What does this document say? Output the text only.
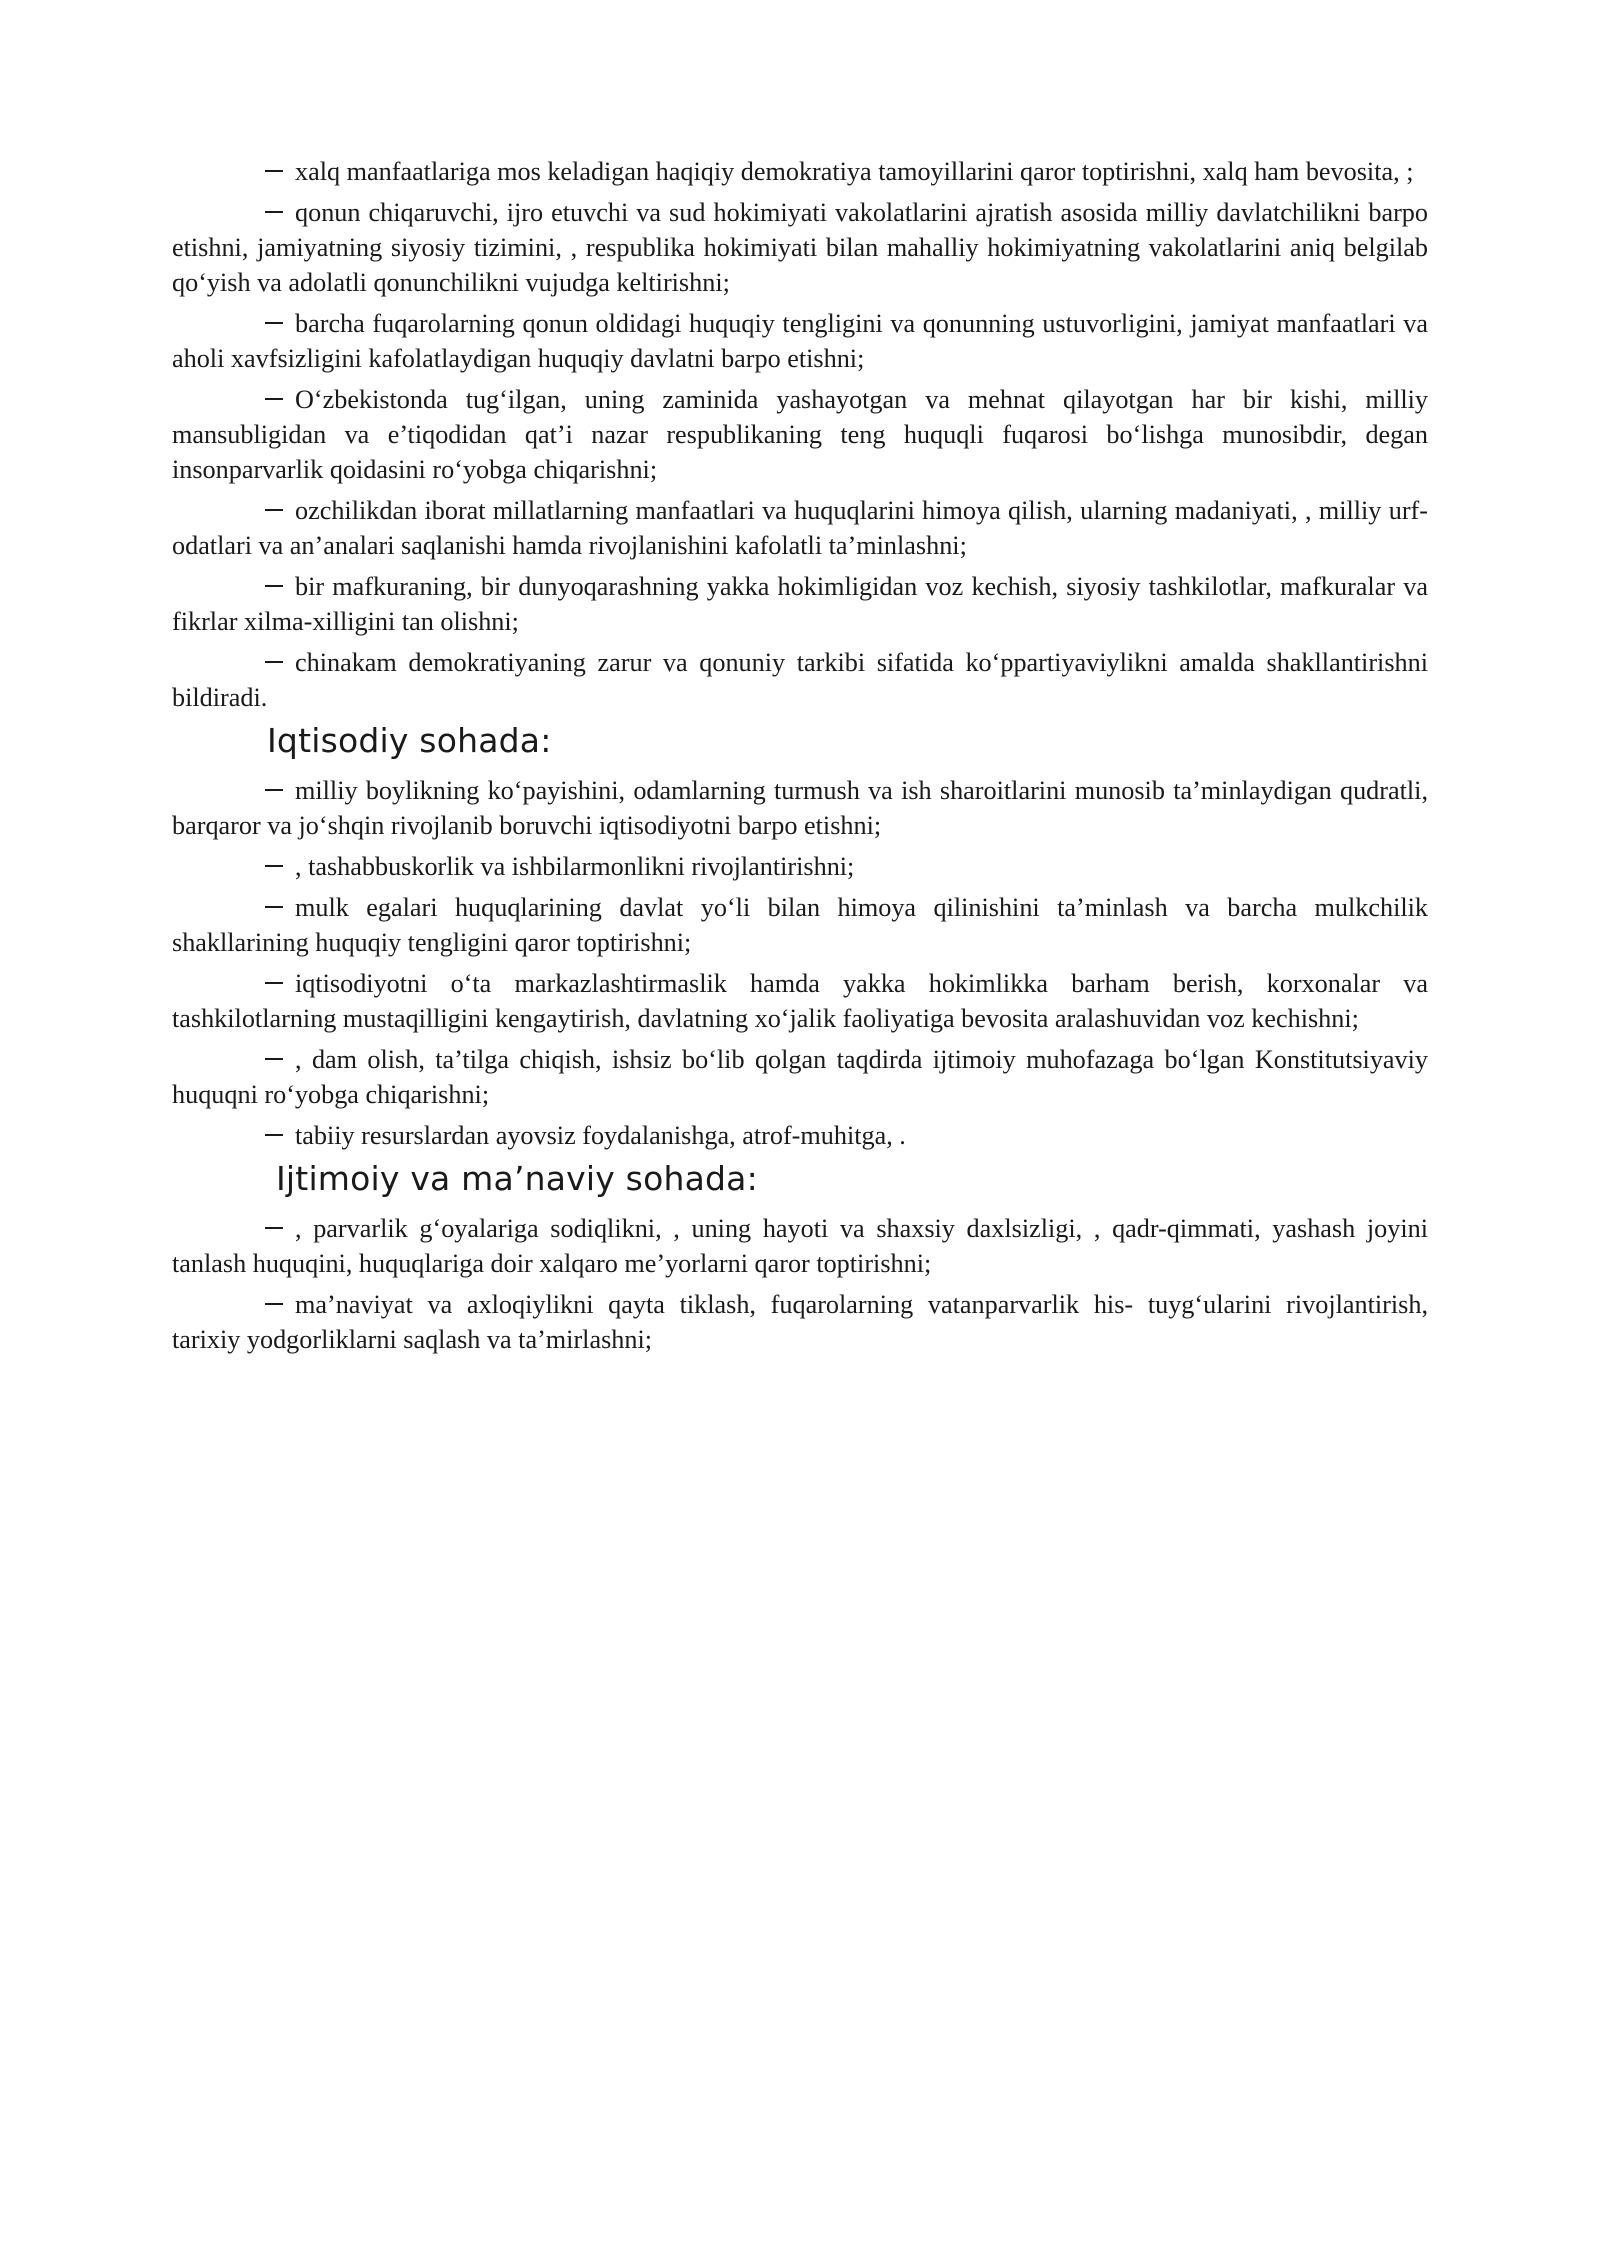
xalq manfaatlariga mos keladigan haqiqiy demokratiya tamoyillarini qaror toptirishni, xalq ham bevosita, ;

qonun chiqaruvchi, ijro etuvchi va sud hokimiyati vakolatlarini ajratish asosida milliy davlatchilikni barpo etishni, jamiyatning siyosiy tizimini, , respublika hokimiyati bilan mahalliy hokimiyatning vakolatlarini aniq belgilab qoʻyish va adolatli qonunchilikni vujudga keltirishni;

barcha fuqarolarning qonun oldidagi huquqiy tengligini va qonunning ustuvorligini, jamiyat manfaatlari va aholi xavfsizligini kafolatlaydigan huquqiy davlatni barpo etishni;

Oʻzbekistonda tugʻilgan, uning zaminida yashayotgan va mehnat qilayotgan har bir kishi, milliy mansubligidan va e’tiqodidan qat’i nazar respublikaning teng huquqli fuqarosi boʻlishga munosibdir, degan insonparvarlik qoidasini roʻyobga chiqarishni;

ozchilikdan iborat millatlarning manfaatlari va huquqlarini himoya qilish, ularning madaniyati, , milliy urf-odatlari va an’analari saqlanishi hamda rivojlanishini kafolatli ta’minlashni;

bir mafkuraning, bir dunyoqarashning yakka hokimligidan voz kechish, siyosiy tashkilotlar, mafkuralar va fikrlar xilma-xilligini tan olishni;

chinakam demokratiyaning zarur va qonuniy tarkibi sifatida koʻppartiyaviylikni amalda shakllantirishni bildiradi.

Iqtisodiy sohada:

milliy boylikning koʻpayishini, odamlarning turmush va ish sharoitlarini munosib ta’minlaydigan qudratli, barqaror va joʻshqin rivojlanib boruvchi iqtisodiyotni barpo etishni;

, tashabbuskorlik va ishbilarmonlikni rivojlantirishni;

mulk egalari huquqlarining davlat yoʻli bilan himoya qilinishini ta’minlash va barcha mulkchilik shakllarining huquqiy tengligini qaror toptirishni;

iqtisodiyotni oʻta markazlashtirmaslik hamda yakka hokimlikka barham berish, korxonalar va tashkilotlarning mustaqilligini kengaytirish, davlatning xoʻjalik faoliyatiga bevosita aralashuvidan voz kechishni;

, dam olish, ta’tilga chiqish, ishsiz boʻlib qolgan taqdirda ijtimoiy muhofazaga boʻlgan Konstitutsiyaviy huquqni roʻyobga chiqarishni;

tabiiy resurslardan ayovsiz foydalanishga, atrof-muhitga, .

Ijtimoiy va ma’naviy sohada:

, parvarlik gʻoyalariga sodiqlikni, , uning hayoti va shaxsiy daxlsizligi, , qadr-qimmati, yashash joyini tanlash huquqini, huquqlariga doir xalqaro me’yorlarni qaror toptirishni;

ma’naviyat va axloqiylikni qayta tiklash, fuqarolarning vatanparvarlik his- tuygʻularini rivojlantirish, tarixiy yodgorliklarni saqlash va ta’mirlashni;
